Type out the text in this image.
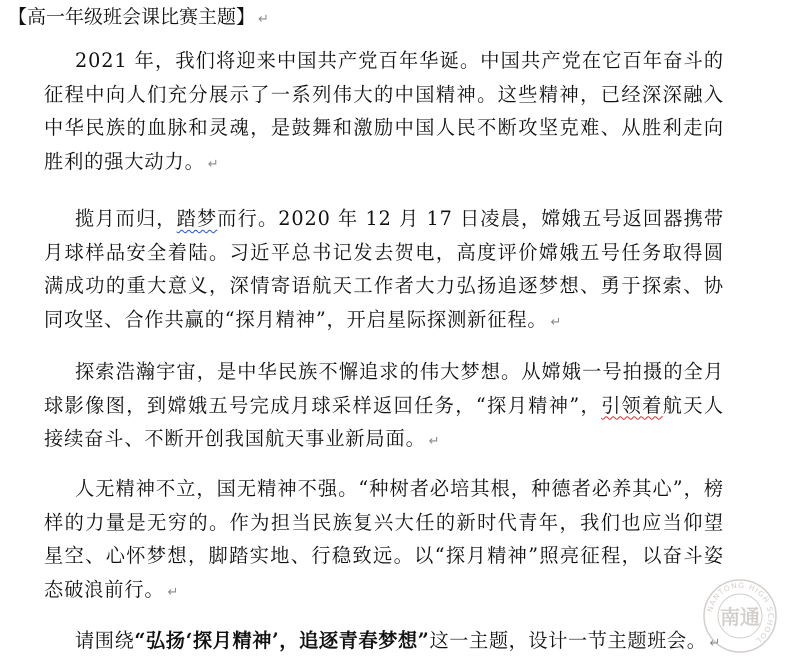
【高一年级班会课比赛主题】 ↵
2021 年，我们将迎来中国共产党百年华诞。中国共产党在它百年奋斗的征程中向人们充分展示了一系列伟大的中国精神。这些精神，已经深深融入中华民族的血脉和灵魂，是鼓舞和激励中国人民不断攻坚克难、从胜利走向胜利的强大动力。 ↵
揽月而归，踏梦而行。2020 年 12 月 17 日凌晨，嫦娥五号返回器携带月球样品安全着陆。习近平总书记发去贺电，高度评价嫦娥五号任务取得圆满成功的重大意义，深情寄语航天工作者大力弘扬追逐梦想、勇于探索、协同攻坚、合作共赢的“探月精神”，开启星际探测新征程。 ↵
探索浩瀚宇宙，是中华民族不懈追求的伟大梦想。从嫦娥一号拍摄的全月球影像图，到嫦娥五号完成月球采样返回任务，“探月精神”，引领着航天人接续奋斗、不断开创我国航天事业新局面。 ↵
人无精神不立，国无精神不强。“种树者必培其根，种德者必养其心”，榜样的力量是无穷的。作为担当民族复兴大任的新时代青年，我们也应当仰望星空、心怀梦想，脚踏实地、行稳致远。以“探月精神”照亮征程，以奋斗姿态破浪前行。 ↵
请围绕“弘扬‘探月精神’，追逐青春梦想”这一主题，设计一节主题班会。 ↵
NANTONG HIGH SCHOOL
南通
